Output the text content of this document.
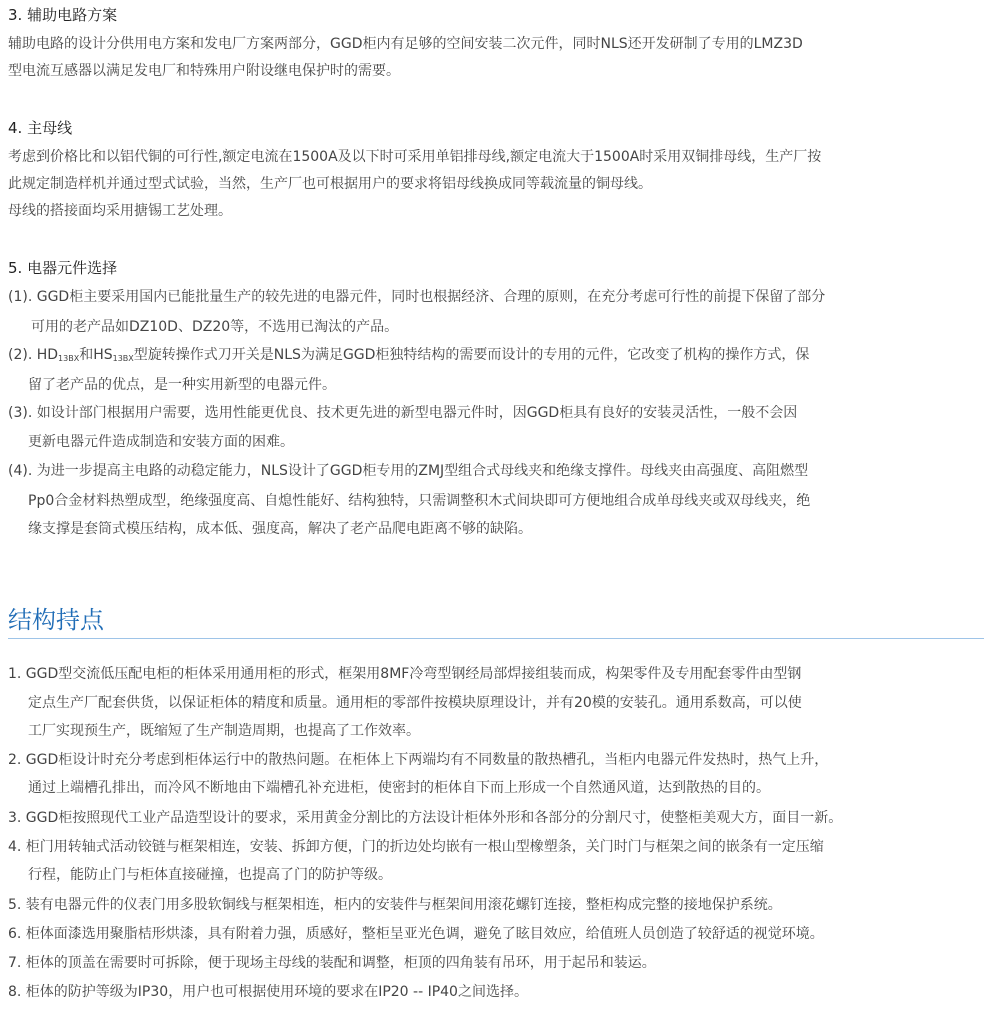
3. 辅助电路方案
辅助电路的设计分供用电方案和发电厂方案两部分，GGD柜内有足够的空间安装二次元件，同时NLS还开发研制了专用的LMZ3D
型电流互感器以满足发电厂和特殊用户附设继电保护时的需要。
4. 主母线
考虑到价格比和以铝代铜的可行性,额定电流在1500A及以下时可采用单铝排母线,额定电流大于1500A时采用双铜排母线，生产厂按
此规定制造样机并通过型式试验，当然，生产厂也可根据用户的要求将铝母线换成同等载流量的铜母线。
母线的搭接面均采用搪锡工艺处理。
5. 电器元件选择
(1). GGD柜主要采用国内已能批量生产的较先进的电器元件，同时也根据经济、合理的原则，在充分考虑可行性的前提下保留了部分
可用的老产品如DZ10D、DZ20等，不选用已淘汰的产品。
(2). $HD_{13BX}$和$HS_{13BX}$型旋转操作式刀开关是NLS为满足GGD柜独特结构的需要而设计的专用的元件，它改变了机构的操作方式，保
留了老产品的优点，是一种实用新型的电器元件。
(3). 如设计部门根据用户需要，选用性能更优良、技术更先进的新型电器元件时，因GGD柜具有良好的安装灵活性，一般不会因
更新电器元件造成制造和安装方面的困难。
(4). 为进一步提高主电路的动稳定能力，NLS设计了GGD柜专用的ZMJ型组合式母线夹和绝缘支撑件。母线夹由高强度、高阻燃型
Pp0合金材料热塑成型，绝缘强度高、自熄性能好、结构独特，只需调整积木式间块即可方便地组合成单母线夹或双母线夹，绝
缘支撑是套筒式模压结构，成本低、强度高，解决了老产品爬电距离不够的缺陷。
结构持点
1. GGD型交流低压配电柜的柜体采用通用柜的形式，框架用8MF冷弯型钢经局部焊接组装而成，构架零件及专用配套零件由型钢
定点生产厂配套供货，以保证柜体的精度和质量。通用柜的零部件按模块原理设计，并有20模的安装孔。通用系数高，可以使
工厂实现预生产，既缩短了生产制造周期，也提高了工作效率。
2. GGD柜设计时充分考虑到柜体运行中的散热问题。在柜体上下两端均有不同数量的散热槽孔，当柜内电器元件发热时，热气上升，
通过上端槽孔排出，而冷风不断地由下端槽孔补充进柜，使密封的柜体自下而上形成一个自然通风道，达到散热的目的。
3. GGD柜按照现代工业产品造型设计的要求，采用黄金分割比的方法设计柜体外形和各部分的分割尺寸，使整柜美观大方，面目一新。
4. 柜门用转轴式活动铰链与框架相连，安装、拆卸方便，门的折边处均嵌有一根山型橡塑条，关门时门与框架之间的嵌条有一定压缩
行程，能防止门与柜体直接碰撞，也提高了门的防护等级。
5. 装有电器元件的仪表门用多股软铜线与框架相连，柜内的安装件与框架间用滚花螺钉连接，整柜构成完整的接地保护系统。
6. 柜体面漆选用聚脂桔形烘漆，具有附着力强，质感好，整柜呈亚光色调，避免了眩目效应，给值班人员创造了较舒适的视觉环境。
7. 柜体的顶盖在需要时可拆除，便于现场主母线的装配和调整，柜顶的四角装有吊环，用于起吊和装运。
8. 柜体的防护等级为IP30，用户也可根据使用环境的要求在IP20 -- IP40之间选择。
